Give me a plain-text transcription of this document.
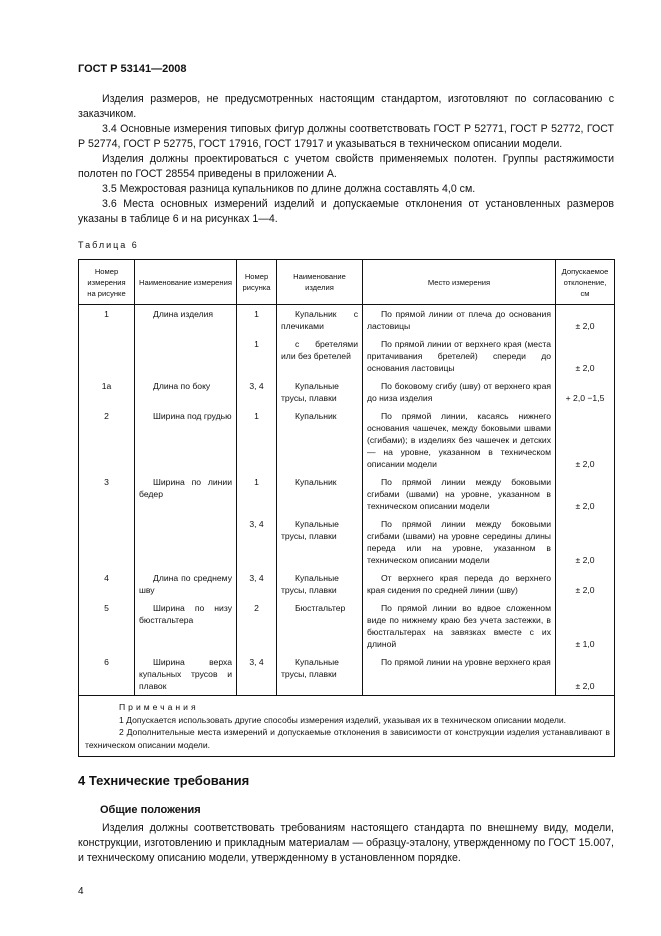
ГОСТ Р 53141—2008
Изделия размеров, не предусмотренных настоящим стандартом, изготовляют по согласованию с заказчиком.
3.4 Основные измерения типовых фигур должны соответствовать ГОСТ Р 52771, ГОСТ Р 52772, ГОСТ Р 52774, ГОСТ Р 52775, ГОСТ 17916, ГОСТ 17917 и указываться в техническом описании модели.
Изделия должны проектироваться с учетом свойств применяемых полотен. Группы растяжимости полотен по ГОСТ 28554 приведены в приложении А.
3.5 Межростовая разница купальников по длине должна составлять 4,0 см.
3.6 Места основных измерений изделий и допускаемые отклонения от установленных размеров указаны в таблице 6 и на рисунках 1—4.
Таблица 6
Номер измерения на рисунке	Наименование измерения	Номер рисунка	Наименование изделия	Место измерения	Допускаемое отклонение, см
1	Длина изделия	1	Купальник с плечиками	По прямой линии от плеча до основания ластовицы	± 2,0
		1	с бретелями или без бретелей	По прямой линии от верхнего края (места притачивания бретелей) спереди до основания ластовицы	± 2,0
1а	Длина по боку	3, 4	Купальные трусы, плавки	По боковому сгибу (шву) от верхнего края до низа изделия	+ 2,0 −1,5
2	Ширина под грудью	1	Купальник	По прямой линии, касаясь нижнего основания чашечек, между боковыми швами (сгибами); в изделиях без чашечек и детских — на уровне, указанном в техническом описании модели	± 2,0
3	Ширина по линии бедер	1	Купальник	По прямой линии между боковыми сгибами (швами) на уровне, указанном в техническом описании модели	± 2,0
		3, 4	Купальные трусы, плавки	По прямой линии между боковыми сгибами (швами) на уровне середины длины переда или на уровне, указанном в техническом описании модели	± 2,0
4	Длина по среднему шву	3, 4	Купальные трусы, плавки	От верхнего края переда до верхнего края сидения по средней линии (шву)	± 2,0
5	Ширина по низу бюстгальтера	2	Бюстгальтер	По прямой линии во вдвое сложенном виде по нижнему краю без учета застежки, в бюстгальтерах на завязках вместе с их длиной	± 1,0
6	Ширина верха купальных трусов и плавок	3, 4	Купальные трусы, плавки	По прямой линии на уровне верхнего края	± 2,0

Примечания
1 Допускается использовать другие способы измерения изделий, указывая их в техническом описании модели.
2 Дополнительные места измерений и допускаемые отклонения в зависимости от конструкции изделия устанавливают в техническом описании модели.					
4 Технические требования
Общие положения
Изделия должны соответствовать требованиям настоящего стандарта по внешнему виду, модели, конструкции, изготовлению и прикладным материалам — образцу-эталону, утвержденному по ГОСТ 15.007, и техническому описанию модели, утвержденному в установленном порядке.
4
